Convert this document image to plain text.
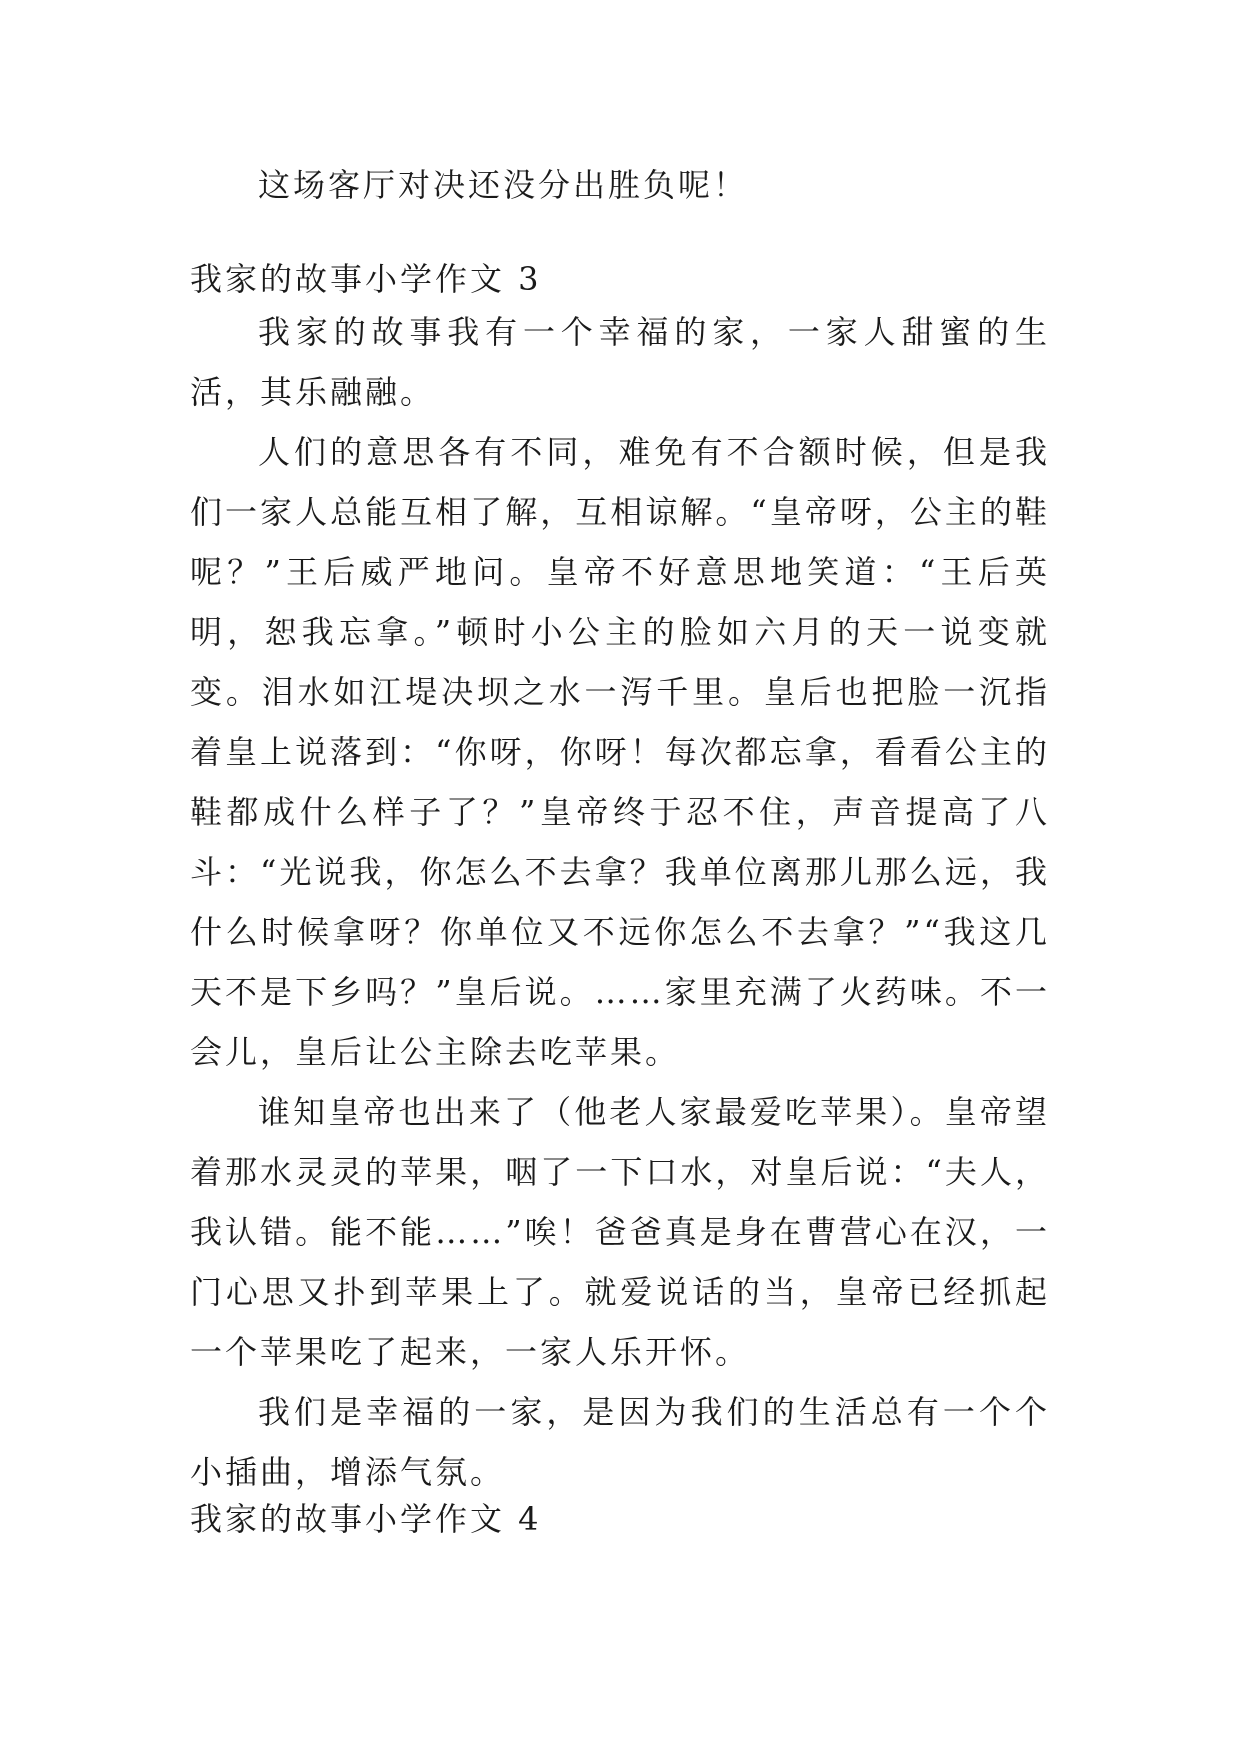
这场客厅对决还没分出胜负呢！

我家的故事小学作文 3

我家的故事我有一个幸福的家，一家人甜蜜的生活，其乐融融。

人们的意思各有不同，难免有不合额时候，但是我们一家人总能互相了解，互相谅解。“皇帝呀，公主的鞋呢？”王后威严地问。皇帝不好意思地笑道：“王后英明，恕我忘拿。”顿时小公主的脸如六月的天一说变就变。泪水如江堤决坝之水一泻千里。皇后也把脸一沉指着皇上说落到：“你呀，你呀！每次都忘拿，看看公主的鞋都成什么样子了？”皇帝终于忍不住，声音提高了八斗：“光说我，你怎么不去拿？我单位离那儿那么远，我什么时候拿呀？你单位又不远你怎么不去拿？”“我这几天不是下乡吗？”皇后说。……家里充满了火药味。不一会儿，皇后让公主除去吃苹果。

谁知皇帝也出来了（他老人家最爱吃苹果）。皇帝望着那水灵灵的苹果，咽了一下口水，对皇后说：“夫人，我认错。能不能……”唉！爸爸真是身在曹营心在汉，一门心思又扑到苹果上了。就爱说话的当，皇帝已经抓起一个苹果吃了起来，一家人乐开怀。

我们是幸福的一家，是因为我们的生活总有一个个小插曲，增添气氛。

我家的故事小学作文 4
